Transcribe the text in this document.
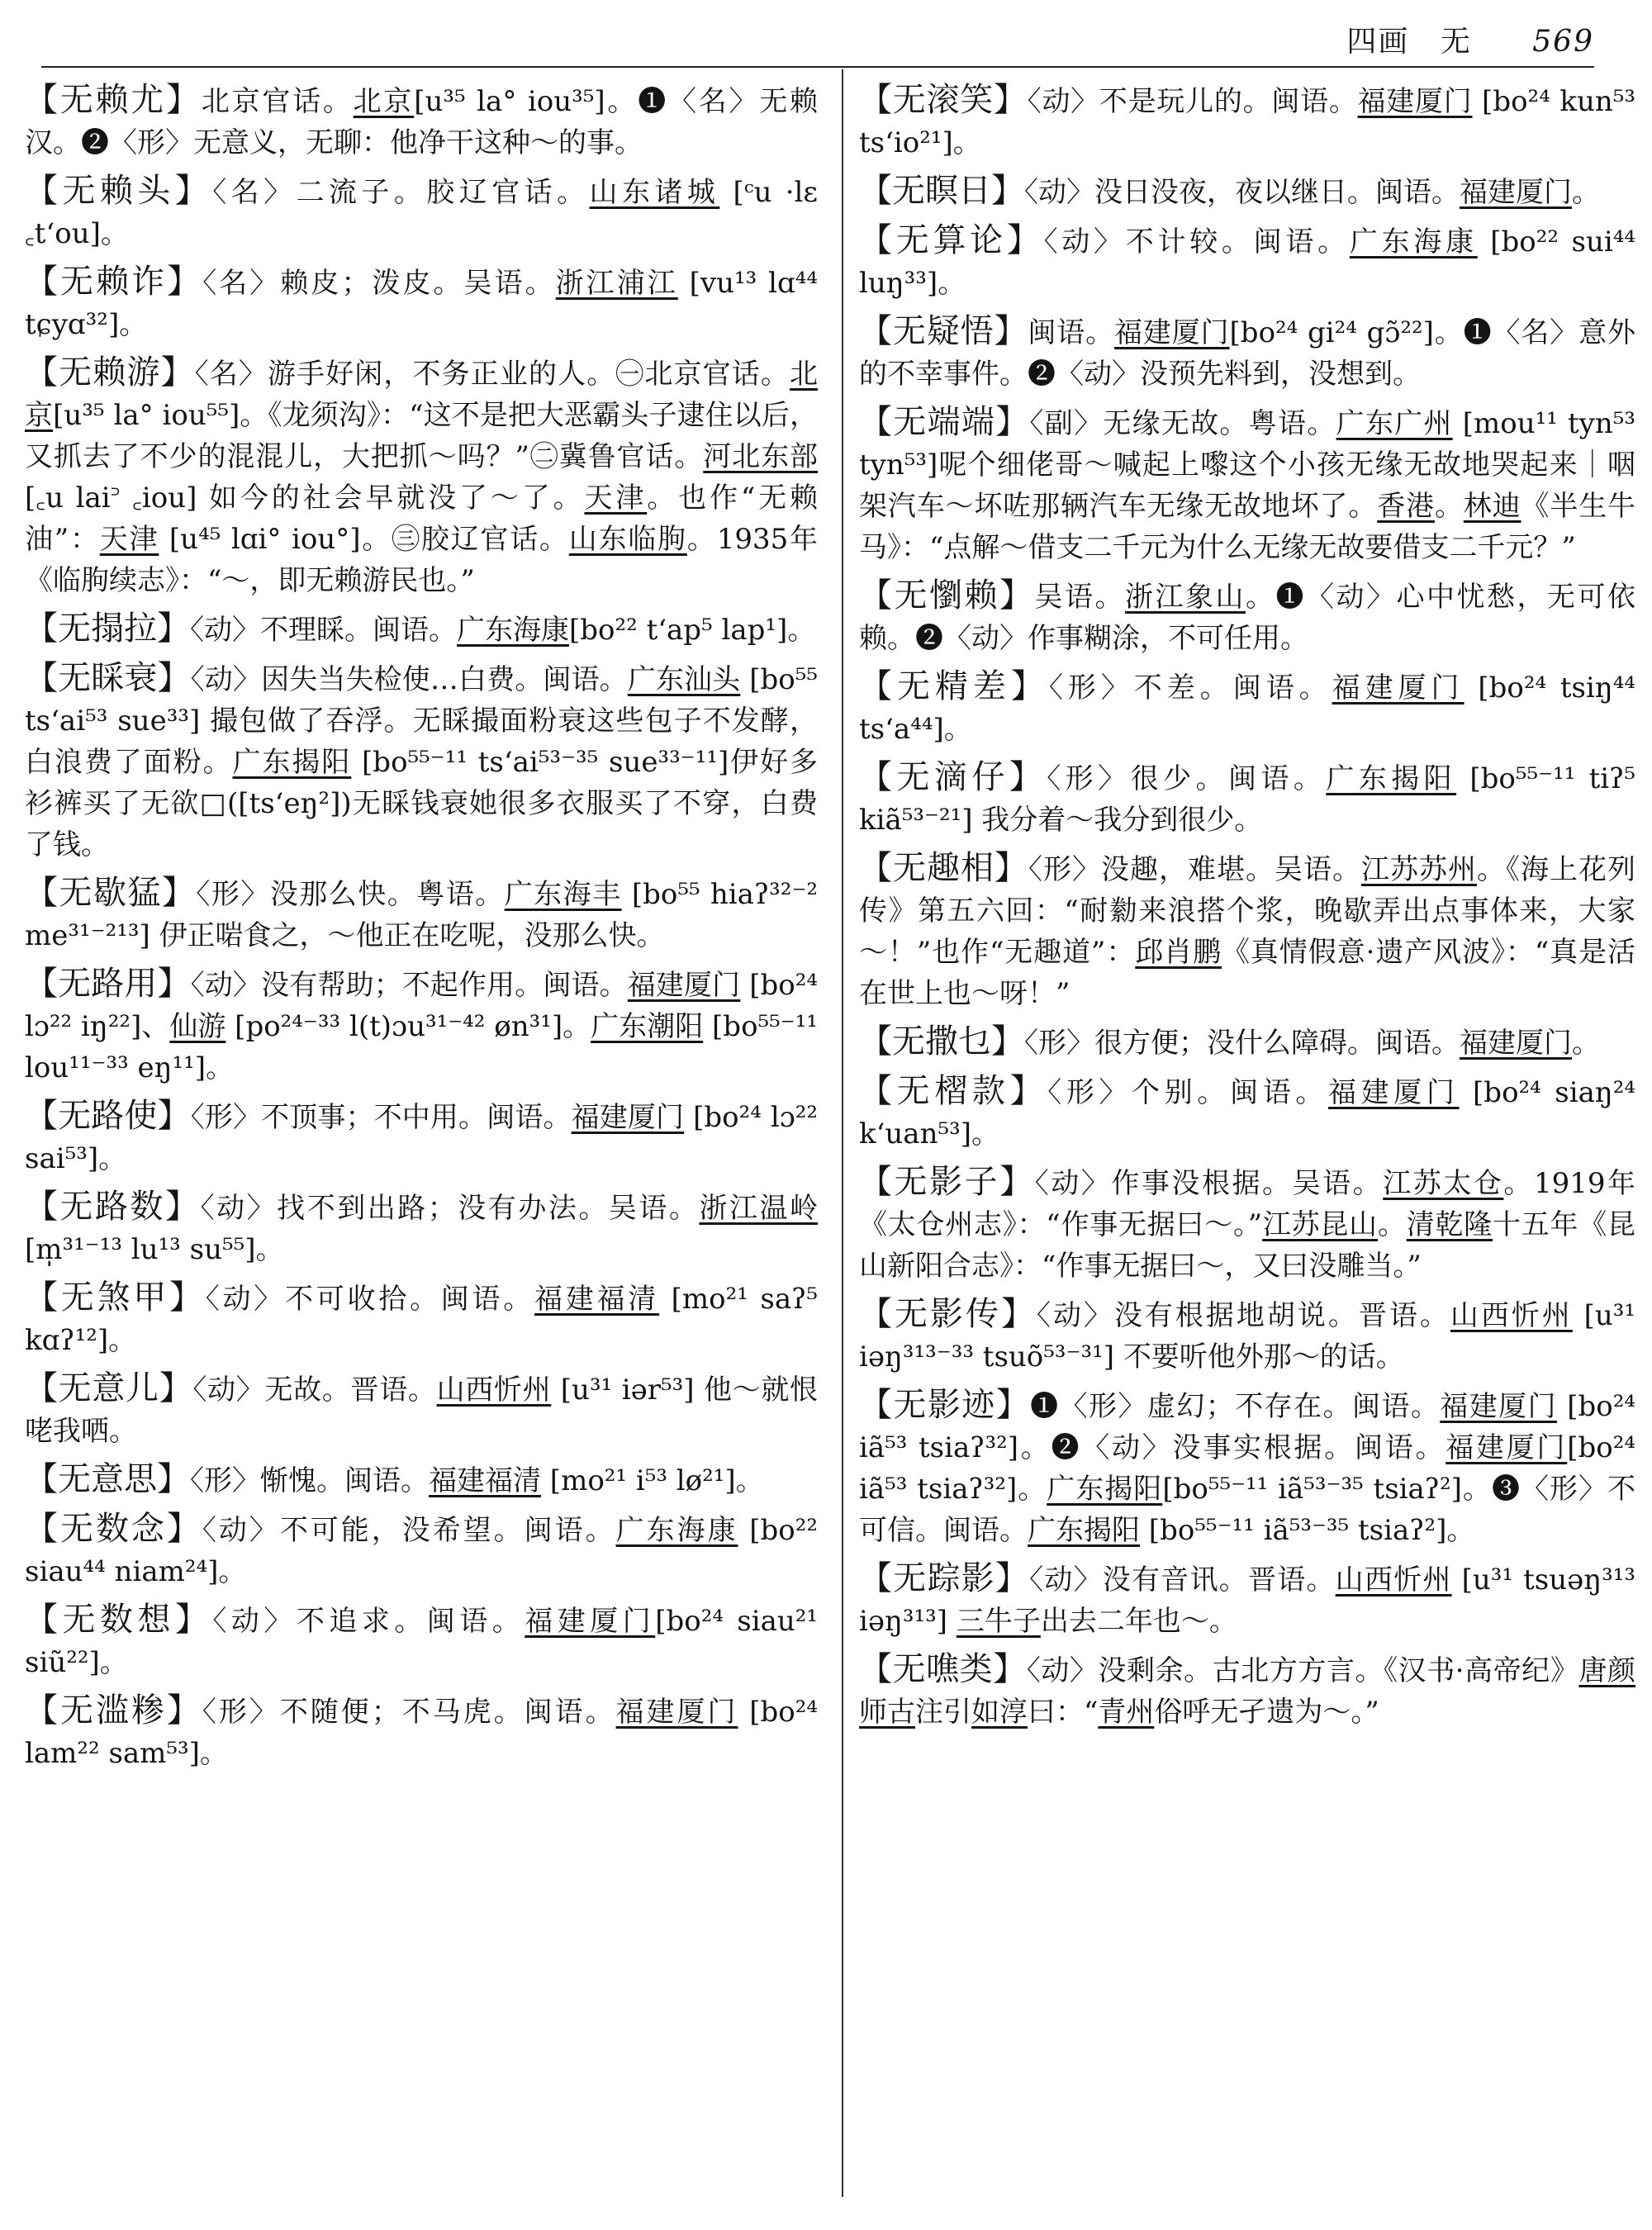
四画 无 569
【无赖尤】北京官话。北京[u³⁵ la° iou³⁵]。❶〈名〉无赖汉。❷〈形〉无意义，无聊：他净干这种～的事。
【无赖头】〈名〉二流子。胶辽官话。山东诸城 [ᶜu ·lɛ ꜀tʻou]。
【无赖诈】〈名〉赖皮；泼皮。吴语。浙江浦江 [vu¹³ lɑ⁴⁴ tɕyɑ³²]。
【无赖游】〈名〉游手好闲，不务正业的人。㊀北京官话。北京[u³⁵ la° iou⁵⁵]。《龙须沟》：“这不是把大恶霸头子逮住以后，又抓去了不少的混混儿，大把抓～吗？”㊁冀鲁官话。河北东部[꜀u lai꜄ ꜀iou] 如今的社会早就没了～了。天津。也作“无赖油”：天津 [u⁴⁵ lɑi° iou°]。㊂胶辽官话。山东临朐。1935年《临朐续志》：“～，即无赖游民也。”
【无搨拉】〈动〉不理睬。闽语。广东海康[bo²² tʻap⁵ lap¹]。
【无睬衰】〈动〉因失当失检使…白费。闽语。广东汕头 [bo⁵⁵ tsʻai⁵³ sue³³] 撮包做了吞浮。无睬撮面粉衰这些包子不发酵，白浪费了面粉。广东揭阳 [bo⁵⁵⁻¹¹ tsʻai⁵³⁻³⁵ sue³³⁻¹¹]伊好多衫裤买了无欲□([tsʻeŋ²])无睬钱衰她很多衣服买了不穿，白费了钱。
【无歇猛】〈形〉没那么快。粤语。广东海丰 [bo⁵⁵ hiaʔ³²⁻² me³¹⁻²¹³] 伊正啱食之，～他正在吃呢，没那么快。
【无路用】〈动〉没有帮助；不起作用。闽语。福建厦门 [bo²⁴ lɔ²² iŋ²²]、仙游 [po²⁴⁻³³ l(t)ɔu³¹⁻⁴² øn³¹]。广东潮阳 [bo⁵⁵⁻¹¹ lou¹¹⁻³³ eŋ¹¹]。
【无路使】〈形〉不顶事；不中用。闽语。福建厦门 [bo²⁴ lɔ²² sai⁵³]。
【无路数】〈动〉找不到出路；没有办法。吴语。浙江温岭 [m̩³¹⁻¹³ lu¹³ su⁵⁵]。
【无煞甲】〈动〉不可收拾。闽语。福建福清 [mo²¹ saʔ⁵ kɑʔ¹²]。
【无意儿】〈动〉无故。晋语。山西忻州 [u³¹ iər⁵³] 他～就恨咾我哂。
【无意思】〈形〉惭愧。闽语。福建福清 [mo²¹ i⁵³ lø²¹]。
【无数念】〈动〉不可能，没希望。闽语。广东海康 [bo²² siau⁴⁴ niam²⁴]。
【无数想】〈动〉不追求。闽语。福建厦门[bo²⁴ siau²¹ siũ²²]。
【无滥糁】〈形〉不随便；不马虎。闽语。福建厦门 [bo²⁴ lam²² sam⁵³]。
【无滚笑】〈动〉不是玩儿的。闽语。福建厦门 [bo²⁴ kun⁵³ tsʻio²¹]。
【无瞑日】〈动〉没日没夜，夜以继日。闽语。福建厦门。
【无算论】〈动〉不计较。闽语。广东海康 [bo²² sui⁴⁴ luŋ³³]。
【无疑悟】闽语。福建厦门[bo²⁴ gi²⁴ gɔ̃²²]。❶〈名〉意外的不幸事件。❷〈动〉没预先料到，没想到。
【无端端】〈副〉无缘无故。粤语。广东广州 [mou¹¹ tyn⁵³ tyn⁵³]呢个细佬哥～喊起上嚟这个小孩无缘无故地哭起来｜咽架汽车～坏咗那辆汽车无缘无故地坏了。香港。林迪《半生牛马》：“点解～借支二千元为什么无缘无故要借支二千元？”
【无懰赖】吴语。浙江象山。❶〈动〉心中忧愁，无可依赖。❷〈动〉作事糊涂，不可任用。
【无精差】〈形〉不差。闽语。福建厦门 [bo²⁴ tsiŋ⁴⁴ tsʻa⁴⁴]。
【无滴仔】〈形〉很少。闽语。广东揭阳 [bo⁵⁵⁻¹¹ tiʔ⁵ kiã⁵³⁻²¹] 我分着～我分到很少。
【无趣相】〈形〉没趣，难堪。吴语。江苏苏州。《海上花列传》第五六回：“耐勬来浪搭个浆，晚歇弄出点事体来，大家～！”也作“无趣道”：邱肖鹏《真情假意·遗产风波》：“真是活在世上也～呀！”
【无撒乜】〈形〉很方便；没什么障碍。闽语。福建厦门。
【无槢款】〈形〉个别。闽语。福建厦门 [bo²⁴ siaŋ²⁴ kʻuan⁵³]。
【无影子】〈动〉作事没根据。吴语。江苏太仓。1919年《太仓州志》：“作事无据曰～。”江苏昆山。清乾隆十五年《昆山新阳合志》：“作事无据曰～，又曰没雕当。”
【无影传】〈动〉没有根据地胡说。晋语。山西忻州 [u³¹ iəŋ³¹³⁻³³ tsuõ⁵³⁻³¹] 不要听他外那～的话。
【无影迹】❶〈形〉虚幻；不存在。闽语。福建厦门 [bo²⁴ iã⁵³ tsiaʔ³²]。❷〈动〉没事实根据。闽语。福建厦门[bo²⁴ iã⁵³ tsiaʔ³²]。广东揭阳[bo⁵⁵⁻¹¹ iã⁵³⁻³⁵ tsiaʔ²]。❸〈形〉不可信。闽语。广东揭阳 [bo⁵⁵⁻¹¹ iã⁵³⁻³⁵ tsiaʔ²]。
【无踪影】〈动〉没有音讯。晋语。山西忻州 [u³¹ tsuəŋ³¹³ iəŋ³¹³] 三牛子出去二年也～。
【无噍类】〈动〉没剩余。古北方方言。《汉书·高帝纪》唐颜师古注引如淳曰：“青州俗呼无孑遗为～。”
